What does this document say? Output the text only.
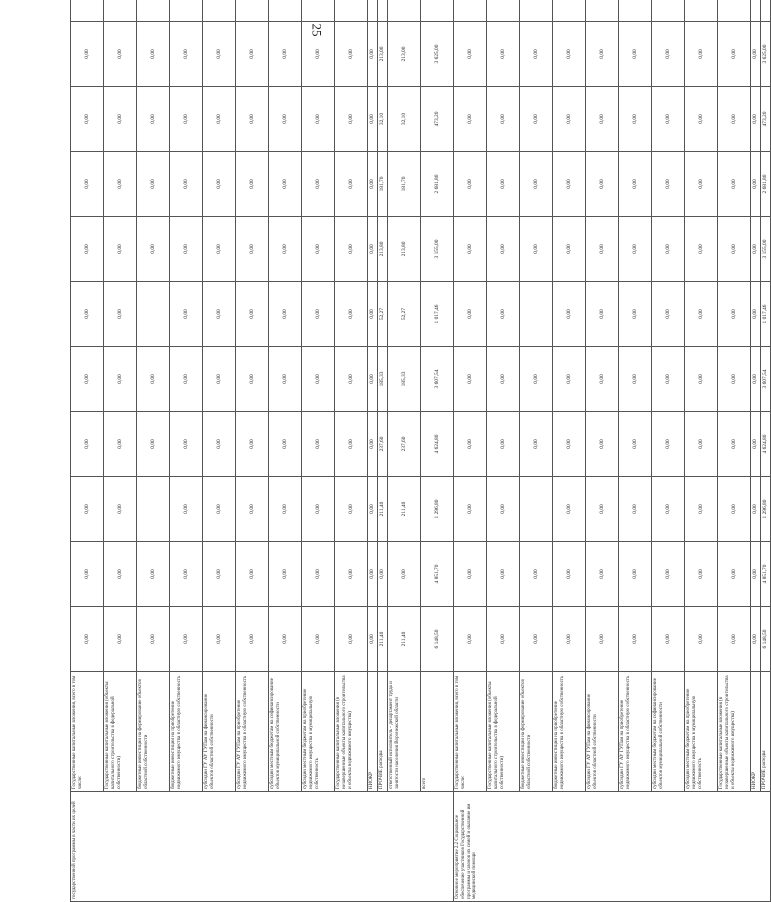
25
государственной программы в части их целей	Государственные капитальные вложения, всего в том числе:	0,00	0,00	0,00	0,00	0,00	0,00	0,00	0,00	0,00	0,00	
	Государственные капитальные вложения (объекты капитального строительства в федеральной собственности)	0,00	0,00	0,00	0,00	0,00	0,00	0,00	0,00	0,00	0,00	
	бюджетные инвестиции на формирование объектов областной собственности	0,00	0,00		0,00	0,00		0,00	0,00	0,00	0,00	
	бюджетные инвестиции на приобретение недвижимого имущества в областную собственность	0,00	0,00	0,00	0,00	0,00	0,00	0,00	0,00	0,00	0,00	
	субсидии ГУ АУ ГУПам на финансирование объектов областной собственности	0,00	0,00	0,00	0,00	0,00	0,00	0,00	0,00	0,00	0,00	
	субсидии ГУ АУ ГУПам на приобретение недвижимого имущества в областную собственность	0,00	0,00	0,00	0,00	0,00	0,00	0,00	0,00	0,00	0,00	
	субсидии местным бюджетам на софинансирование объектов муниципальной собственности	0,00	0,00	0,00	0,00	0,00	0,00	0,00	0,00	0,00	0,00	
	субсидии местным бюджетам на приобретение недвижимого имущества в муниципальную собственность	0,00	0,00	0,00	0,00	0,00	0,00	0,00	0,00	0,00	0,00	
	Государственные капитальные вложения (в незавершенные объекты капитального строительства и объекты недвижимого имущества)	0,00	0,00	0,00	0,00	0,00	0,00	0,00	0,00	0,00	0,00	
	НИОКР	0,00	0,00	0,00	0,00	0,00	0,00	0,00	0,00	0,00	0,00	
	ПРОЧИЕ расходы	211,40	0,00	211,40	237,60	185,33	52,27	213,80	181,70	32,10	213,00	
	ответственный исполнитель - департамент труда и занятости населения Воронежской области	211,40	0,00	211,40	237,60	185,33	52,27	213,80	181,70	32,10	213,00	
	всего	6 148,50	4 851,70	1 296,80	4 624,80	3 607,54	1 017,46	3 155,00	2 681,80	473,20	3 625,00	
Основное мероприятие 2.2 Социальное обеспечение участников Государственной программы и членов их семей и оказание им медицинской помощи	Государственные капитальные вложения, всего в том числе:	0,00	0,00	0,00	0,00	0,00	0,00	0,00	0,00	0,00	0,00	
	Государственные капитальные вложения (объекты капитального строительства в федеральной собственности)	0,00	0,00	0,00	0,00	0,00	0,00	0,00	0,00	0,00	0,00	
	бюджетные инвестиции на формирование объектов областной собственности	0,00	0,00		0,00	0,00		0,00	0,00	0,00	0,00	
	бюджетные инвестиции на приобретение недвижимого имущества в областную собственность	0,00	0,00	0,00	0,00	0,00	0,00	0,00	0,00	0,00	0,00	
	субсидии ГУ АУ ГУПам на финансирование объектов областной собственности	0,00	0,00	0,00	0,00	0,00	0,00	0,00	0,00	0,00	0,00	
	субсидии ГУ АУ ГУПам на приобретение недвижимого имущества в областную собственность	0,00	0,00	0,00	0,00	0,00	0,00	0,00	0,00	0,00	0,00	
	субсидии местным бюджетам на софинансирование объектов муниципальной собственности	0,00	0,00	0,00	0,00	0,00	0,00	0,00	0,00	0,00	0,00	
	субсидии местным бюджетам на приобретение недвижимого имущества в муниципальную собственность	0,00	0,00	0,00	0,00	0,00	0,00	0,00	0,00	0,00	0,00	
	Государственные капитальные вложения (в незавершенные объекты капитального строительства и объекты недвижимого имущества)	0,00	0,00	0,00	0,00	0,00	0,00	0,00	0,00	0,00	0,00	
	НИОКР	0,00	0,00	0,00	0,00	0,00	0,00	0,00	0,00	0,00	0,00	
	ПРОЧИЕ расходы	6 148,50	4 851,70	1 296,80	4 624,80	3 607,54	1 017,46	3 155,00	2 681,80	473,20	3 625,00	
